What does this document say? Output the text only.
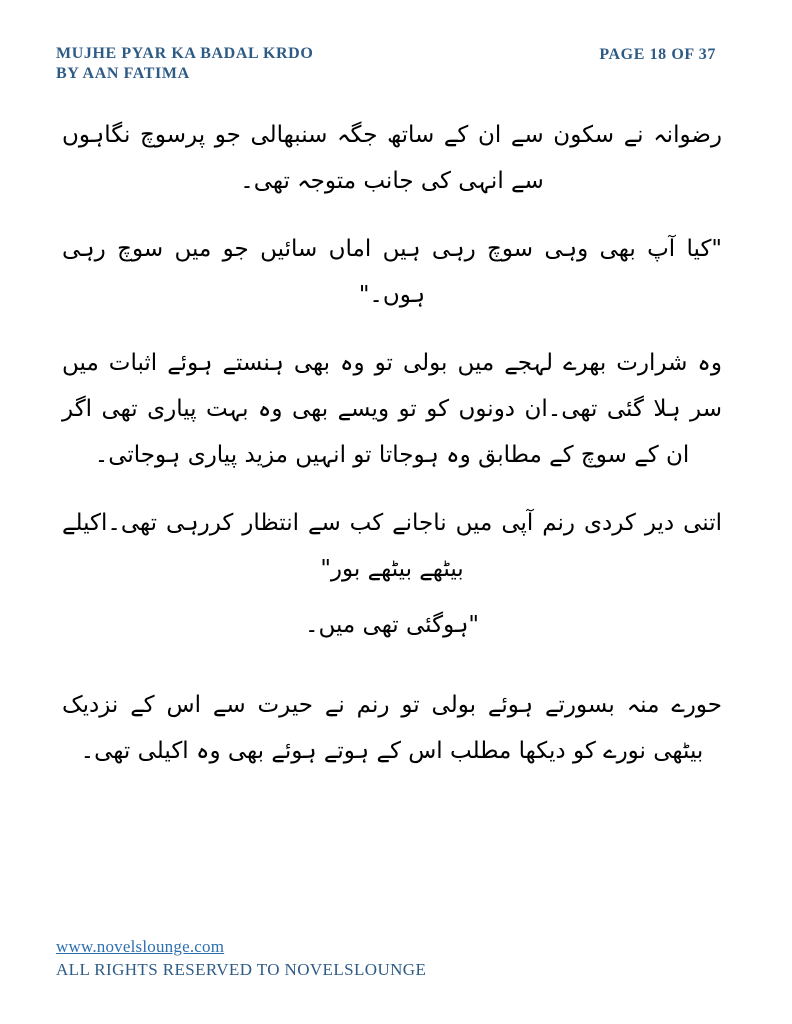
MUJHE PYAR KA BADAL KRDO
BY AAN FATIMA
PAGE 18 OF 37

رضوانہ نے سکون سے ان کے ساتھ جگہ سنبھالی جو پرسوچ نگاہوں سے انہی کی جانب متوجہ تھی۔

"کیا آپ بھی وہی سوچ رہی ہیں اماں سائیں جو میں سوچ رہی ہوں۔"

وہ شرارت بھرے لہجے میں بولی تو وہ بھی ہنستے ہوئے اثبات میں سر ہلا گئی تھی۔ان دونوں کو تو ویسے بھی وہ بہت پیاری تھی اگر ان کے سوچ کے مطابق وہ ہوجاتا تو انہیں مزید پیاری ہوجاتی۔

اتنی دیر کردی رنم آپی میں ناجانے کب سے انتظار کررہی تھی۔اکیلے بیٹھے بیٹھے بور"

"ہوگئی تھی میں۔

حورے منہ بسورتے ہوئے بولی تو رنم نے حیرت سے اس کے نزدیک بیٹھی نورے کو دیکھا مطلب اس کے ہوتے ہوئے بھی وہ اکیلی تھی۔

www.novelslounge.com
ALL RIGHTS RESERVED TO NOVELSLOUNGE
